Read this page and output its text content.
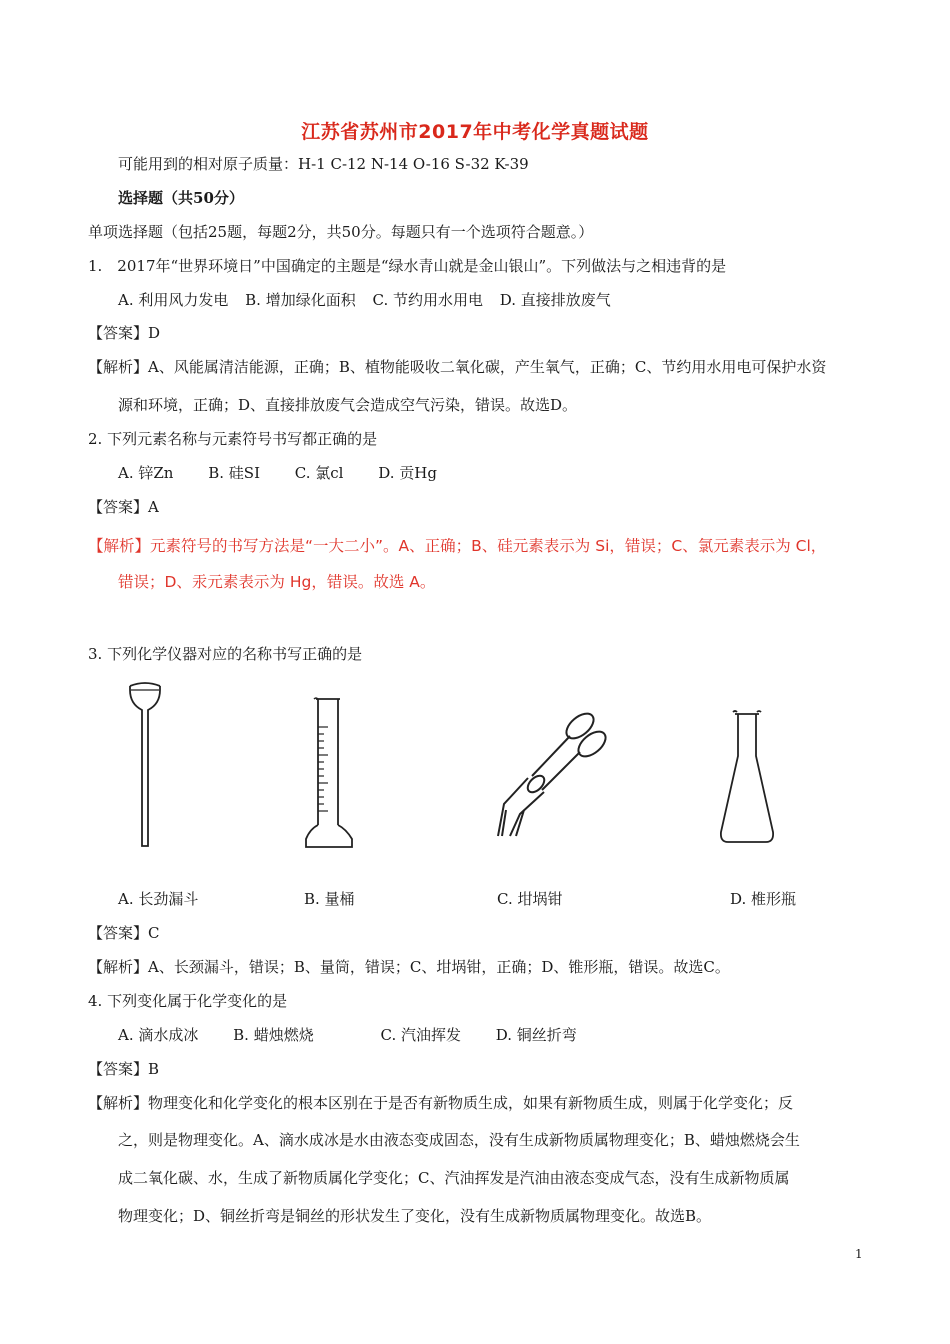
江苏省苏州市2017年中考化学真题试题
可能用到的相对原子质量：H-1 C-12 N-14 O-16 S-32 K-39
选择题（共50分）
单项选择题（包括25题，每题2分，共50分。每题只有一个选项符合题意。）
1.　2017年“世界环境日”中国确定的主题是“绿水青山就是金山银山”。下列做法与之相违背的是
A. 利用风力发电 B. 增加绿化面积 C. 节约用水用电 D. 直接排放废气
【答案】D
【解析】A、风能属清洁能源，正确；B、植物能吸收二氧化碳，产生氧气，正确；C、节约用水用电可保护水资
源和环境，正确；D、直接排放废气会造成空气污染，错误。故选D。
2. 下列元素名称与元素符号书写都正确的是
A. 锌Zn B. 硅SI C. 氯cl D. 贡Hg
【答案】A
【解析】元素符号的书写方法是“一大二小”。A、正确；B、硅元素表示为 Si，错误；C、氯元素表示为 Cl，
错误；D、汞元素表示为 Hg，错误。故选 A。
3. 下列化学仪器对应的名称书写正确的是
A. 长劲漏斗	B. 量桶	C. 坩埚钳	D. 椎形瓶
【答案】C
【解析】A、长颈漏斗，错误；B、量筒，错误；C、坩埚钳，正确；D、锥形瓶，错误。故选C。
4. 下列变化属于化学变化的是
A. 滴水成冰 B. 蜡烛燃烧	C. 汽油挥发 D. 铜丝折弯
【答案】B
【解析】物理变化和化学变化的根本区别在于是否有新物质生成，如果有新物质生成，则属于化学变化；反
之，则是物理变化。A、滴水成冰是水由液态变成固态，没有生成新物质属物理变化；B、蜡烛燃烧会生
成二氧化碳、水，生成了新物质属化学变化；C、汽油挥发是汽油由液态变成气态，没有生成新物质属
物理变化；D、铜丝折弯是铜丝的形状发生了变化，没有生成新物质属物理变化。故选B。
1
